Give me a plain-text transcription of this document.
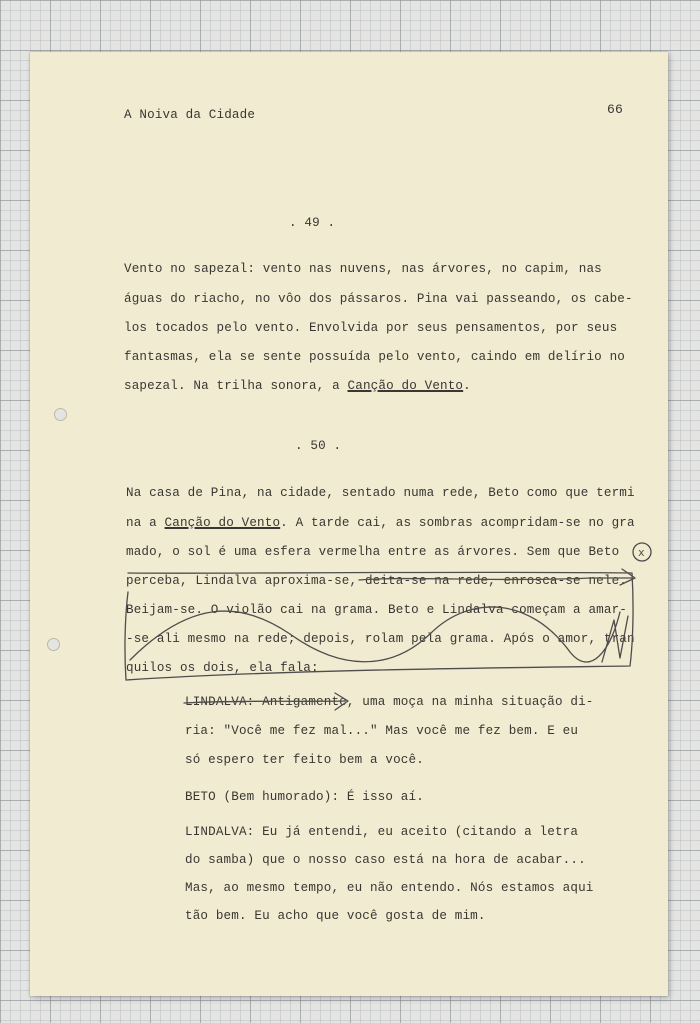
A Noiva da Cidade	66
. 49 .
Vento no sapezal: vento nas nuvens, nas árvores, no capim, nas
águas do riacho, no vôo dos pássaros. Pina vai passeando, os cabe-
los tocados pelo vento. Envolvida por seus pensamentos, por seus
fantasmas, ela se sente possuída pelo vento, caindo em delírio no
sapezal. Na trilha sonora, a Canção do Vento.
. 50 .
Na casa de Pina, na cidade, sentado numa rede, Beto como que termi
na a Canção do Vento. A tarde cai, as sombras acompridam-se no gra
mado, o sol é uma esfera vermelha entre as árvores. Sem que Beto
perceba, Lindalva aproxima-se, deita-se na rede, enrosca-se nele.
Beijam-se. O violão cai na grama. Beto e Lindalva começam a amar-
-se ali mesmo na rede; depois, rolam pela grama. Após o amor, tran
quilos os dois, ela fala:
LINDALVA: Antigamente, uma moça na minha situação di-
ria: "Você me fez mal..." Mas você me fez bem. E eu
só espero ter feito bem a você.
BETO (Bem humorado): É isso aí.
LINDALVA: Eu já entendi, eu aceito (citando a letra
do samba) que o nosso caso está na hora de acabar...
Mas, ao mesmo tempo, eu não entendo. Nós estamos aqui
tão bem. Eu acho que você gosta de mim.
x
